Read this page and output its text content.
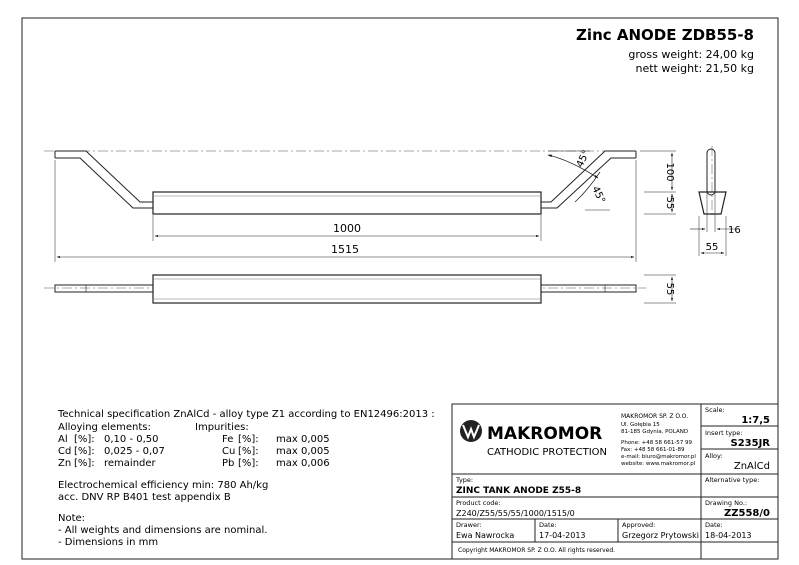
Zinc ANODE ZDB55-8
gross weight: 24,00 kg
nett weight: 21,50 kg
45°
45°
100
55
1000
1515
16
55
55
Technical specification ZnAlCd - alloy type Z1 according to EN12496:2013 :
Alloying elements:	Impurities:
Al [%]: 0,10 - 0,50
Cd [%]: 0,025 - 0,07
Zn [%]: remainder
Fe [%]: max 0,005
Cu [%]: max 0,005
Pb [%]: max 0,006
Electrochemical efficiency min: 780 Ah/kg
acc. DNV RP B401 test appendix B
Note:
- All weights and dimensions are nominal.
- Dimensions in mm
MAKROMOR
CATHODIC PROTECTION
MAKROMOR SP. Z O.O.
Ul. Gołębia 15
81-185 Gdynia, POLAND
Phone: +48 58 661-57 99
Fax: +48 58 661-01-89
e-mail: biuro@makromor.pl
website: www.makromor.pl
Scale:
1:7,5
Insert type:
S235JR
Alloy:
ZnAlCd
Type:
ZINC TANK ANODE Z55-8
Alternative type:
Product code:
Z240/Z55/55/55/1000/1515/0
Drawing No.:
ZZ558/0
Drawer:
Ewa Nawrocka
Date:
17-04-2013
Approved:
Grzegorz Prytowski
Date:
18-04-2013
Copyright MAKROMOR SP. Z O.O. All rights reserved.
